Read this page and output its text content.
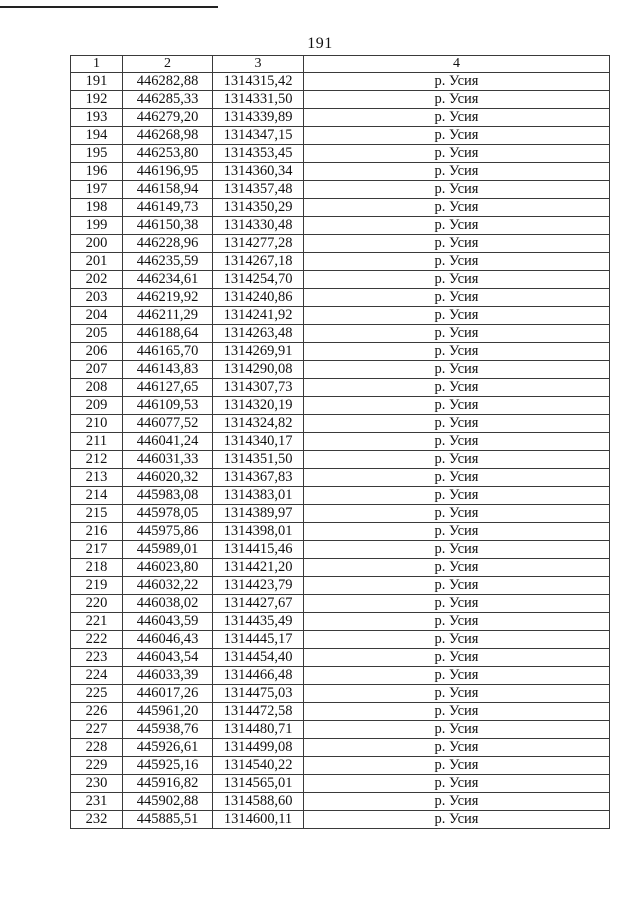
191
1	2	3	4
191	446282,88	1314315,42	р. Усия
192	446285,33	1314331,50	р. Усия
193	446279,20	1314339,89	р. Усия
194	446268,98	1314347,15	р. Усия
195	446253,80	1314353,45	р. Усия
196	446196,95	1314360,34	р. Усия
197	446158,94	1314357,48	р. Усия
198	446149,73	1314350,29	р. Усия
199	446150,38	1314330,48	р. Усия
200	446228,96	1314277,28	р. Усия
201	446235,59	1314267,18	р. Усия
202	446234,61	1314254,70	р. Усия
203	446219,92	1314240,86	р. Усия
204	446211,29	1314241,92	р. Усия
205	446188,64	1314263,48	р. Усия
206	446165,70	1314269,91	р. Усия
207	446143,83	1314290,08	р. Усия
208	446127,65	1314307,73	р. Усия
209	446109,53	1314320,19	р. Усия
210	446077,52	1314324,82	р. Усия
211	446041,24	1314340,17	р. Усия
212	446031,33	1314351,50	р. Усия
213	446020,32	1314367,83	р. Усия
214	445983,08	1314383,01	р. Усия
215	445978,05	1314389,97	р. Усия
216	445975,86	1314398,01	р. Усия
217	445989,01	1314415,46	р. Усия
218	446023,80	1314421,20	р. Усия
219	446032,22	1314423,79	р. Усия
220	446038,02	1314427,67	р. Усия
221	446043,59	1314435,49	р. Усия
222	446046,43	1314445,17	р. Усия
223	446043,54	1314454,40	р. Усия
224	446033,39	1314466,48	р. Усия
225	446017,26	1314475,03	р. Усия
226	445961,20	1314472,58	р. Усия
227	445938,76	1314480,71	р. Усия
228	445926,61	1314499,08	р. Усия
229	445925,16	1314540,22	р. Усия
230	445916,82	1314565,01	р. Усия
231	445902,88	1314588,60	р. Усия
232	445885,51	1314600,11	р. Усия
